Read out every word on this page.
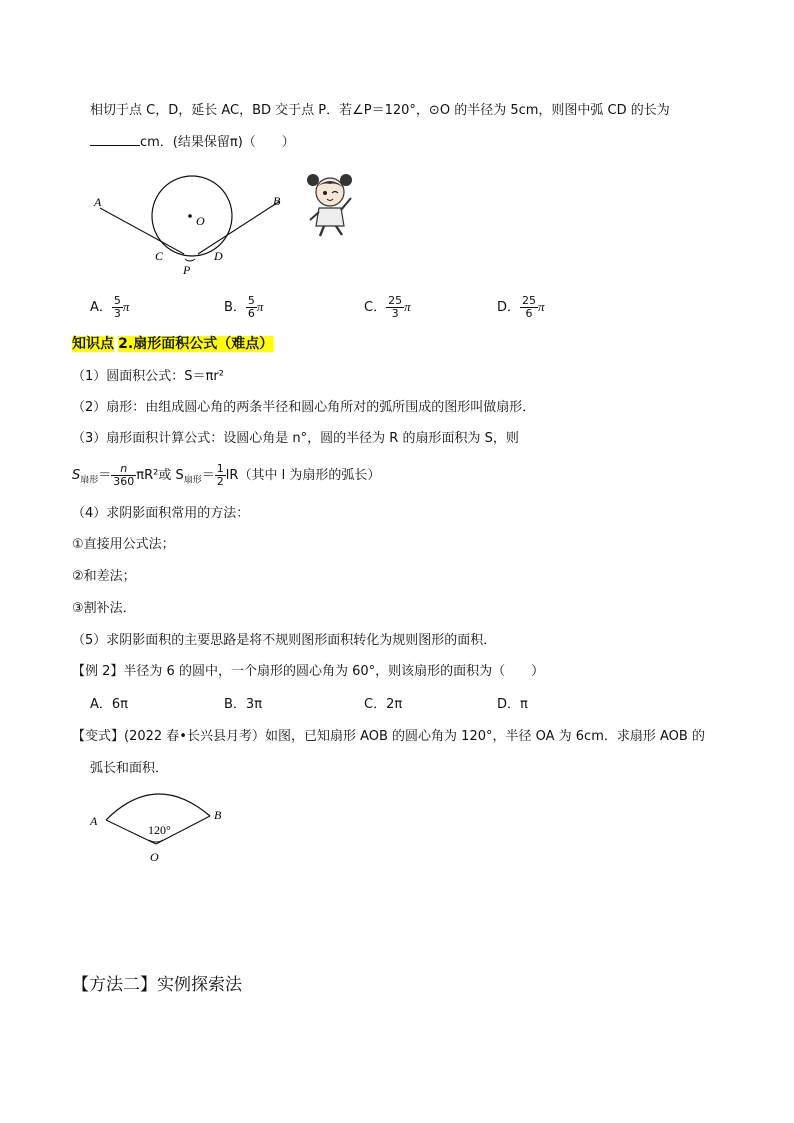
相切于点 C，D，延长 AC，BD 交于点 P．若∠P＝120°，⊙O 的半径为 5cm，则图中弧 CD 的长为
cm．(结果保留π)（　　）
A	B
O
C	D
P
A． $\frac{5}{3}$ π	B． $\frac{5}{6}$ π	C． $\frac{25}{3}$ π	D． $\frac{25}{6}$ π
知识点 2.扇形面积公式（难点）
（1）圆面积公式：S＝πr²
（2）扇形：由组成圆心角的两条半径和圆心角所对的弧所围成的图形叫做扇形．
（3）扇形面积计算公式：设圆心角是 n°，圆的半径为 R 的扇形面积为 S，则
$S_{扇形}= \frac{n}{360} \pi R^2$或 $S_{扇形}= \frac{1}{2} lR$（其中 l 为扇形的弧长）
（4）求阴影面积常用的方法：
①直接用公式法；
②和差法；
③割补法．
（5）求阴影面积的主要思路是将不规则图形面积转化为规则图形的面积．
【例 2】半径为 6 的圆中，一个扇形的圆心角为 60°，则该扇形的面积为（　　）
A．6π	B．3π	C．2π	D．π
【变式】(2022 春•长兴县月考）如图，已知扇形 AOB 的圆心角为 120°，半径 OA 为 6cm．求扇形 AOB 的
弧长和面积．
A	B
O
120°
【方法二】实例探索法
